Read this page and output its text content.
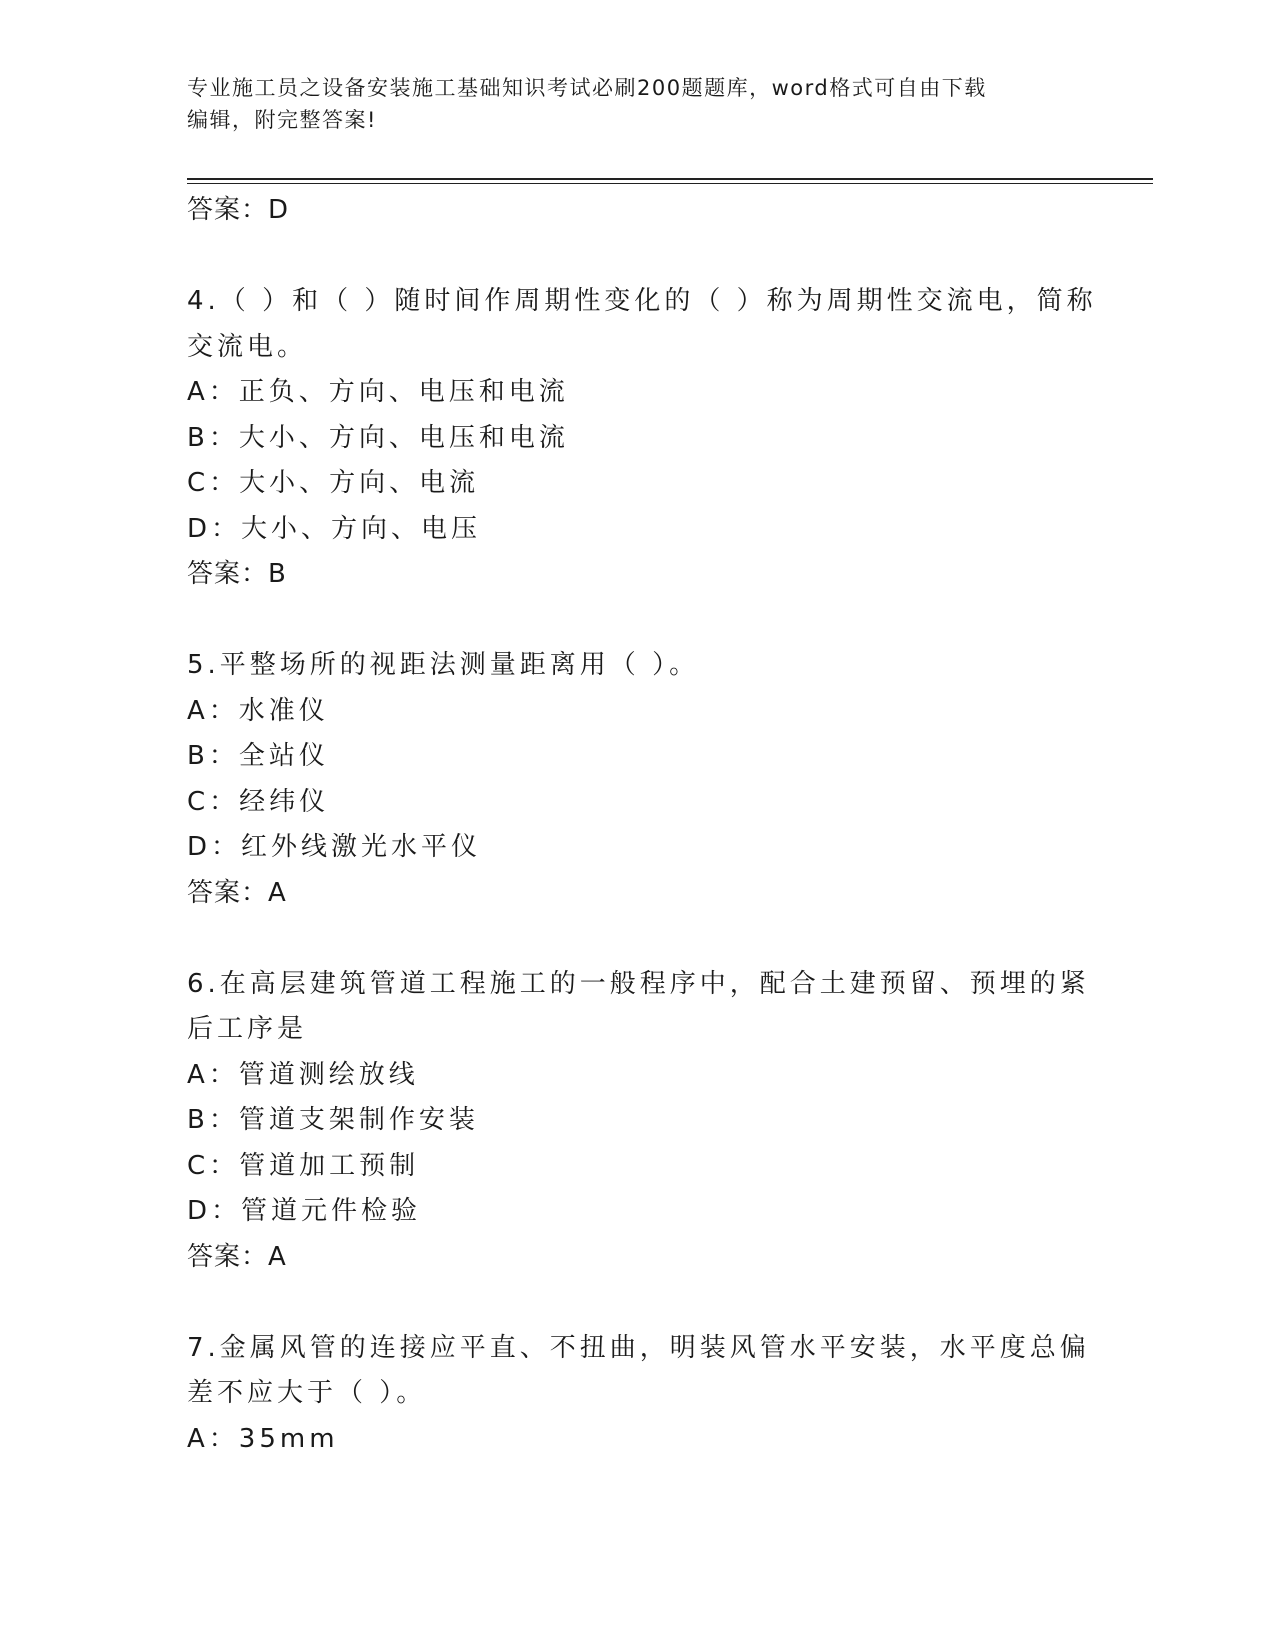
专业施工员之设备安装施工基础知识考试必刷200题题库，word格式可自由下载
编辑，附完整答案!
答案：D
4.（ ）和（ ）随时间作周期性变化的（ ）称为周期性交流电，简称
交流电。
A：正负、方向、电压和电流
B：大小、方向、电压和电流
C：大小、方向、电流
D：大小、方向、电压
答案：B
5.平整场所的视距法测量距离用（ ）。
A：水准仪
B：全站仪
C：经纬仪
D：红外线激光水平仪
答案：A
6.在高层建筑管道工程施工的一般程序中，配合土建预留、预埋的紧
后工序是
A：管道测绘放线
B：管道支架制作安装
C：管道加工预制
D：管道元件检验
答案：A
7.金属风管的连接应平直、不扭曲，明装风管水平安装，水平度总偏
差不应大于（ ）。
A：35mm
